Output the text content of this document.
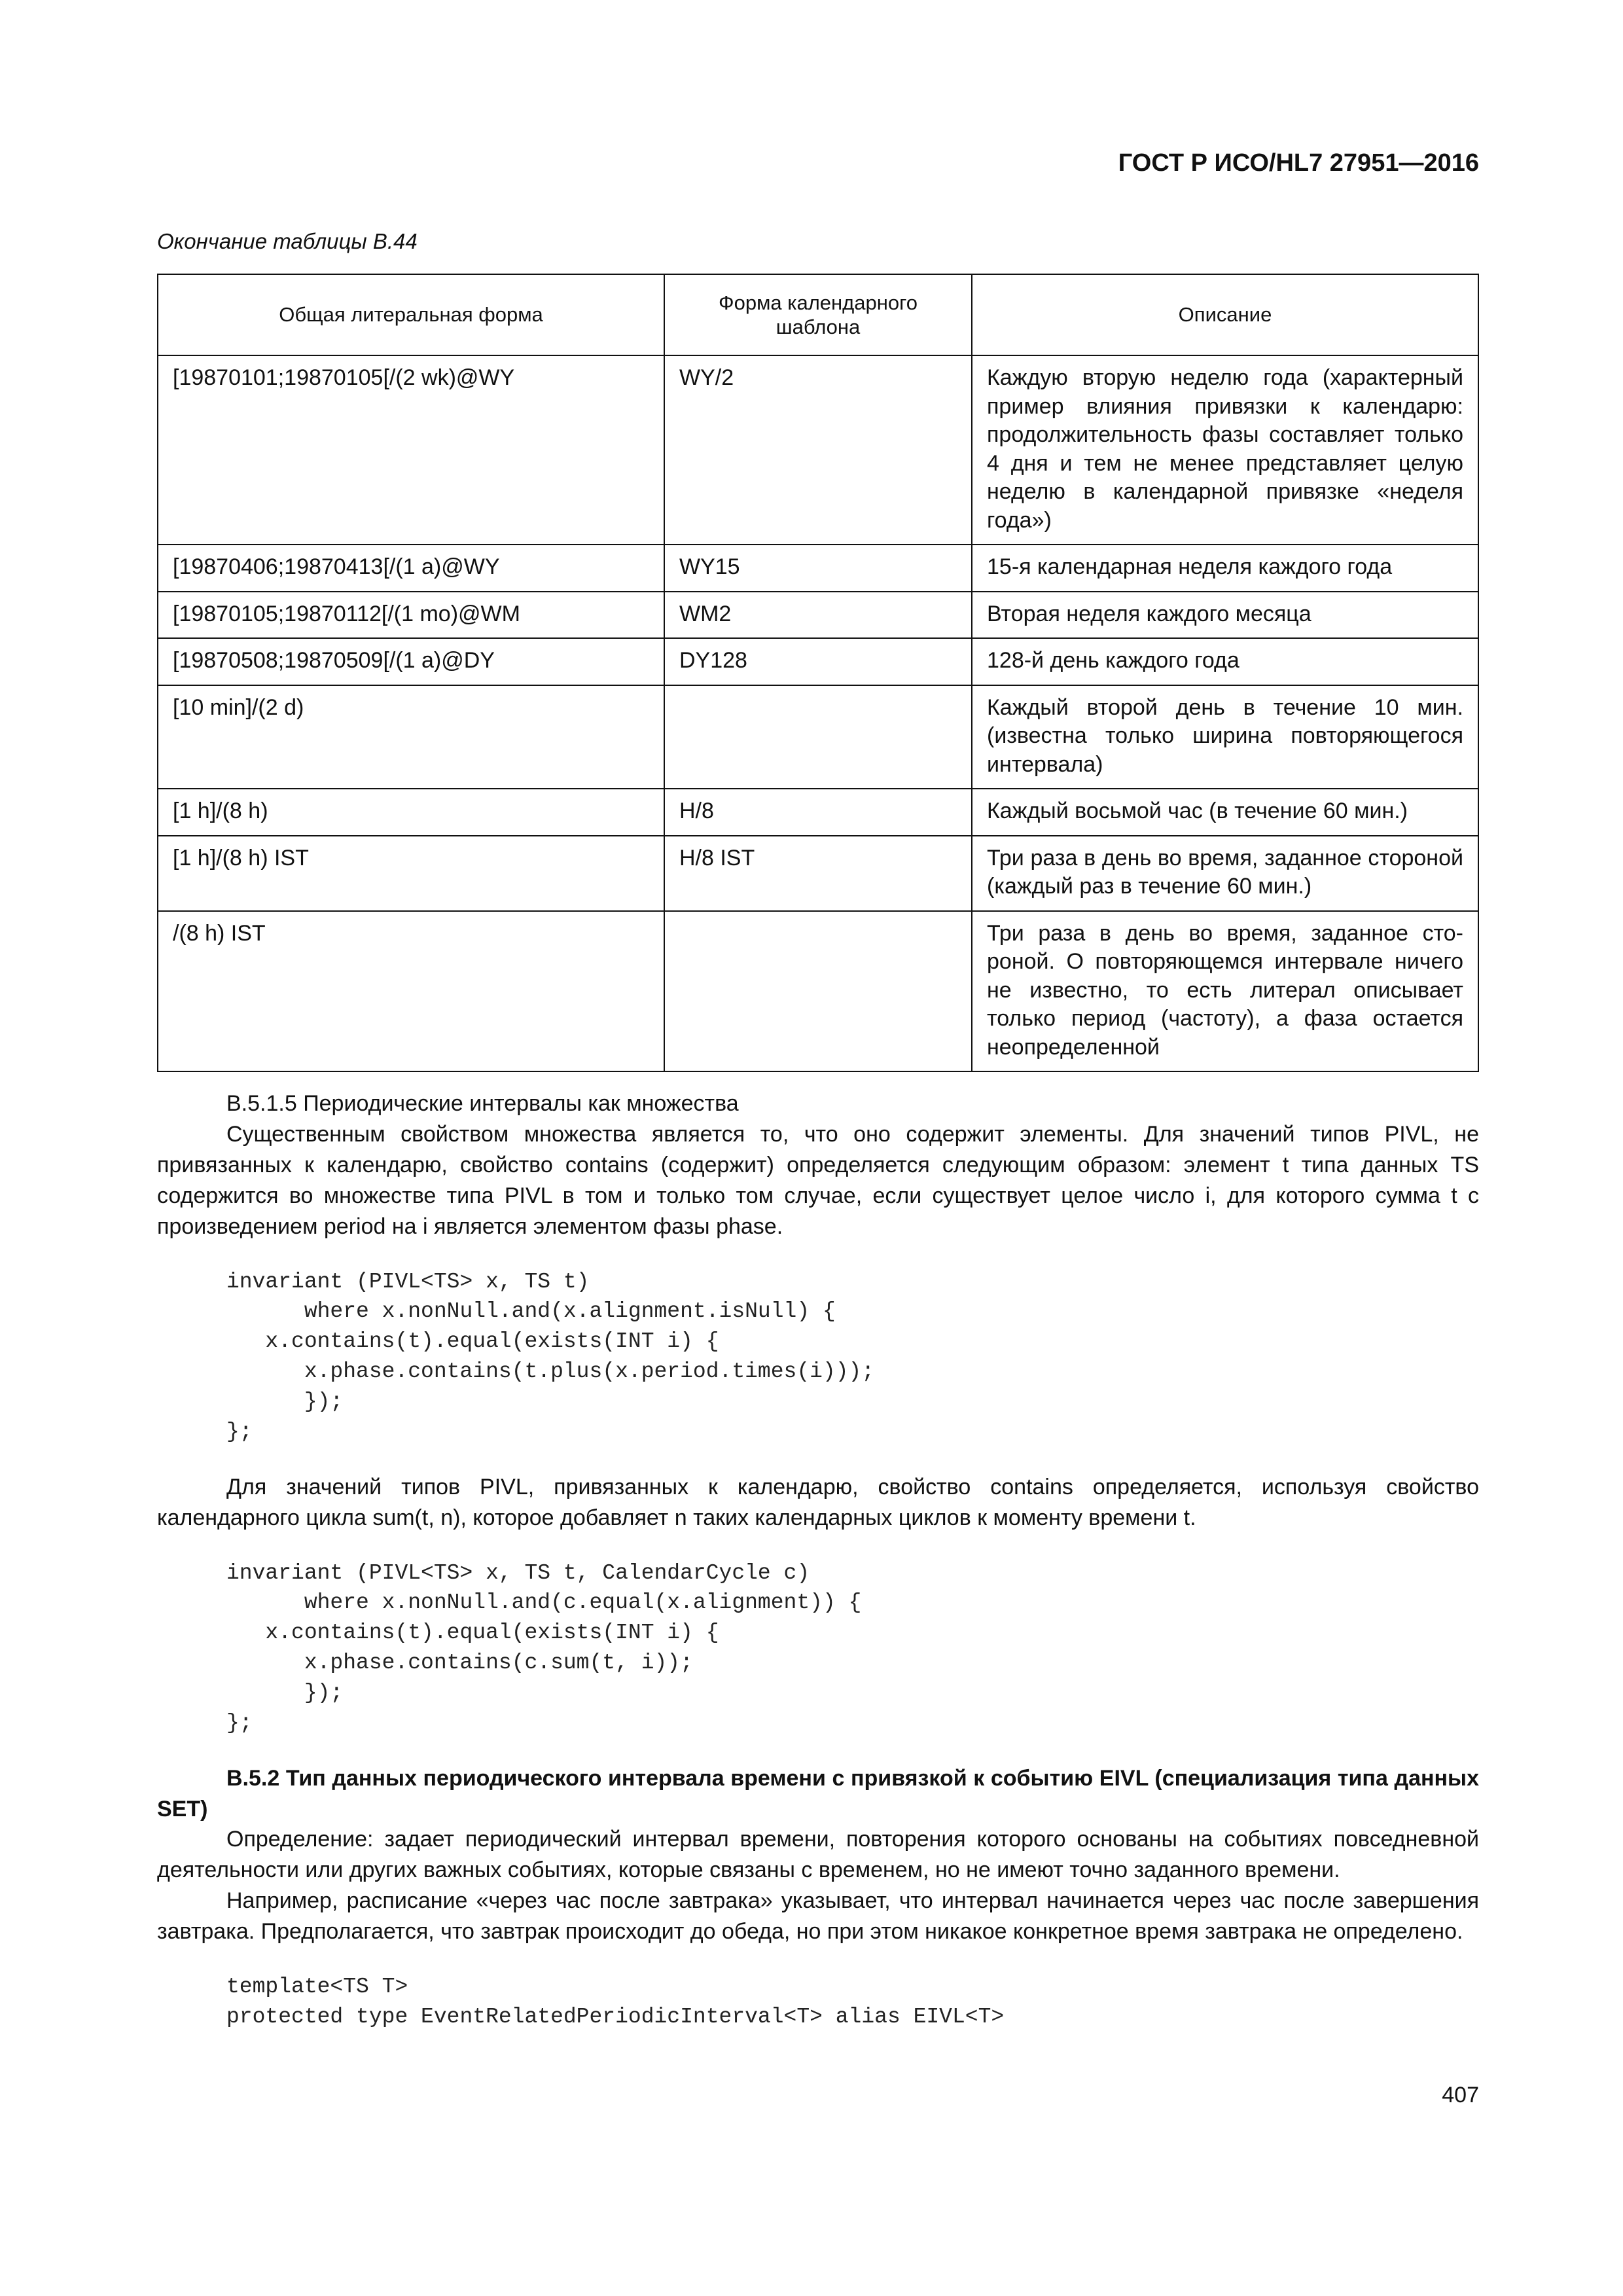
ГОСТ Р ИСО/HL7 27951—2016
Окончание таблицы В.44
Общая литеральная форма	Форма календарного шаблона	Описание
[19870101;19870105[/(2 wk)@WY	WY/2	Каждую вторую неделю года (характерный пример влияния привязки к календарю: продолжительность фазы составляет только 4 дня и тем не менее представляет целую неделю в календарной привязке «неделя года»)
[19870406;19870413[/(1 a)@WY	WY15	15-я календарная неделя каждого года
[19870105;19870112[/(1 mo)@WM	WM2	Вторая неделя каждого месяца
[19870508;19870509[/(1 a)@DY	DY128	128-й день каждого года
[10 min]/(2 d)		Каждый второй день в течение 10 мин. (известна только ширина повторяющегося интервала)
[1 h]/(8 h)	H/8	Каждый восьмой час (в течение 60 мин.)
[1 h]/(8 h) IST	H/8 IST	Три раза в день во время, заданное стороной (каждый раз в течение 60 мин.)
/(8 h) IST		Три раза в день во время, заданное стороной. О повторяющемся интервале ничего не известно, то есть литерал описывает только период (частоту), а фаза остается неопределенной

B.5.1.5 Периодические интервалы как множества

Существенным свойством множества является то, что оно содержит элементы. Для значений типов PIVL, не привязанных к календарю, свойство contains (содержит) определяется следующим образом: элемент t типа данных TS содержится во множестве типа PIVL в том и только том случае, если существует целое число i, для которого сумма t с произведением period на i является элементом фазы phase.

invariant (PIVL<TS> x, TS t)
where x.nonNull.and(x.alignment.isNull) {
x.contains(t).equal(exists(INT i) {
x.phase.contains(t.plus(x.period.times(i)));
});
};

Для значений типов PIVL, привязанных к календарю, свойство contains определяется, используя свойство календарного цикла sum(t, n), которое добавляет n таких календарных циклов к моменту времени t.

invariant (PIVL<TS> x, TS t, CalendarCycle c)
where x.nonNull.and(c.equal(x.alignment)) {
x.contains(t).equal(exists(INT i) {
x.phase.contains(c.sum(t, i));
});
};

B.5.2 Тип данных периодического интервала времени с привязкой к событию EIVL (специализация типа данных SET)

Определение: задает периодический интервал времени, повторения которого основаны на событиях повседневной деятельности или других важных событиях, которые связаны с временем, но не имеют точно заданного времени.

Например, расписание «через час после завтрака» указывает, что интервал начинается через час после завершения завтрака. Предполагается, что завтрак происходит до обеда, но при этом никакое конкретное время завтрака не определено.

template<TS T>
protected type EventRelatedPeriodicInterval<T> alias EIVL<T>
407
